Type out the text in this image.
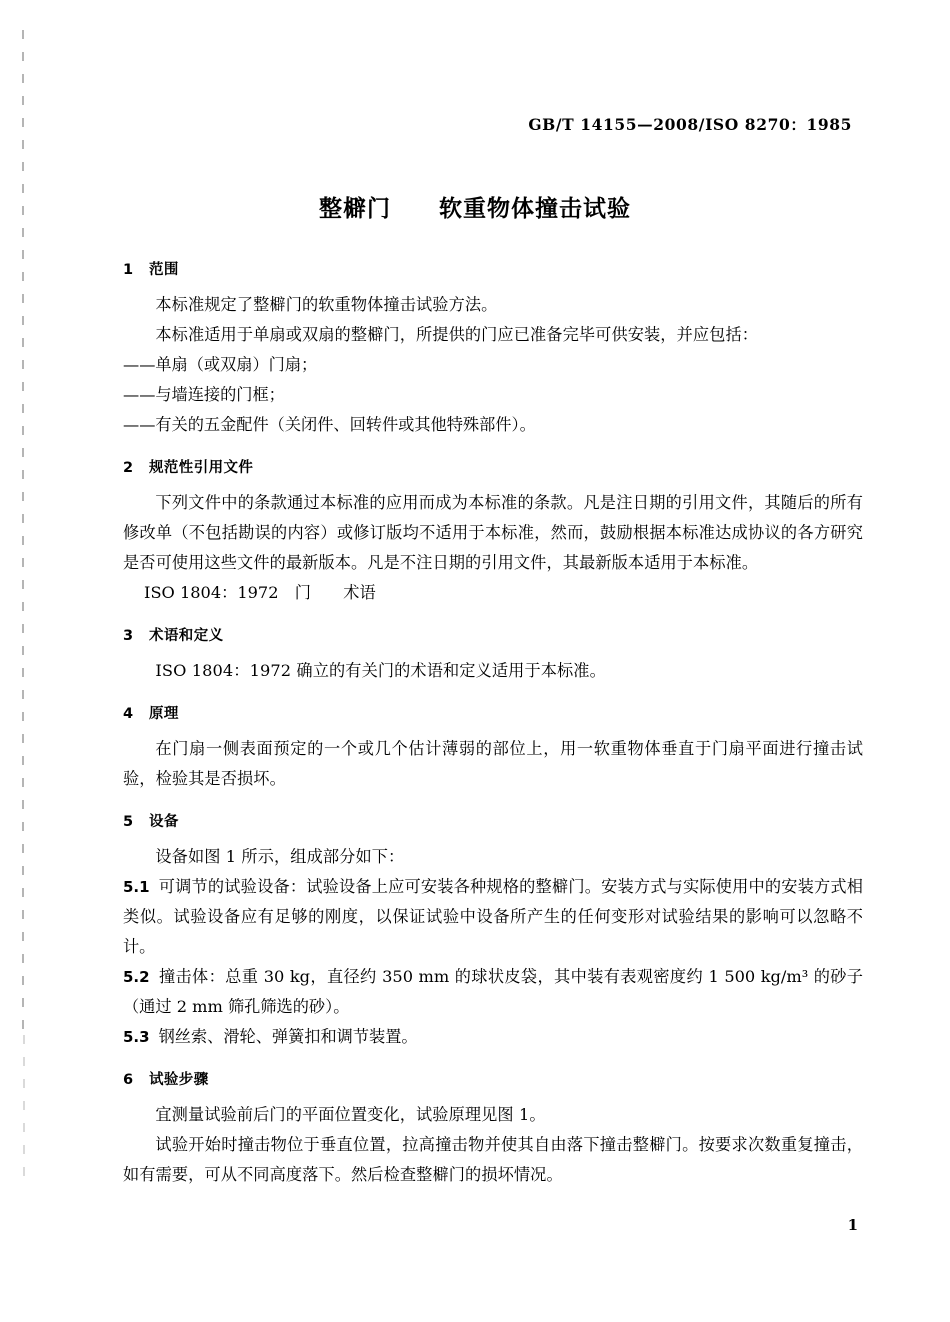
GB/T 14155—2008/ISO 8270：1985
整檘门　　软重物体撞击试验
1 范围

本标准规定了整檘门的软重物体撞击试验方法。

本标准适用于单扇或双扇的整檘门，所提供的门应已准备完毕可供安装，并应包括：

——单扇（或双扇）门扇；

——与墙连接的门框；

——有关的五金配件（关闭件、回转件或其他特殊部件）。

2 规范性引用文件

下列文件中的条款通过本标准的应用而成为本标准的条款。凡是注日期的引用文件，其随后的所有修改单（不包括勘误的内容）或修订版均不适用于本标准，然而，鼓励根据本标准达成协议的各方研究是否可使用这些文件的最新版本。凡是不注日期的引用文件，其最新版本适用于本标准。

ISO 1804：1972　门　　术语

3 术语和定义

ISO 1804：1972 确立的有关门的术语和定义适用于本标准。

4 原理

在门扇一侧表面预定的一个或几个估计薄弱的部位上，用一软重物体垂直于门扇平面进行撞击试验，检验其是否损坏。

5 设备

设备如图 1 所示，组成部分如下：

5.1 可调节的试验设备：试验设备上应可安装各种规格的整檘门。安装方式与实际使用中的安装方式相类似。试验设备应有足够的刚度，以保证试验中设备所产生的任何变形对试验结果的影响可以忽略不计。

5.2 撞击体：总重 30 kg，直径约 350 mm 的球状皮袋，其中装有表观密度约 1 500 kg/m³ 的砂子（通过 2 mm 筛孔筛选的砂）。

5.3 钢丝索、滑轮、弹簧扣和调节装置。

6 试验步骤

宜测量试验前后门的平面位置变化，试验原理见图 1。

试验开始时撞击物位于垂直位置，拉高撞击物并使其自由落下撞击整檘门。按要求次数重复撞击，如有需要，可从不同高度落下。然后检查整檘门的损坏情况。

1
